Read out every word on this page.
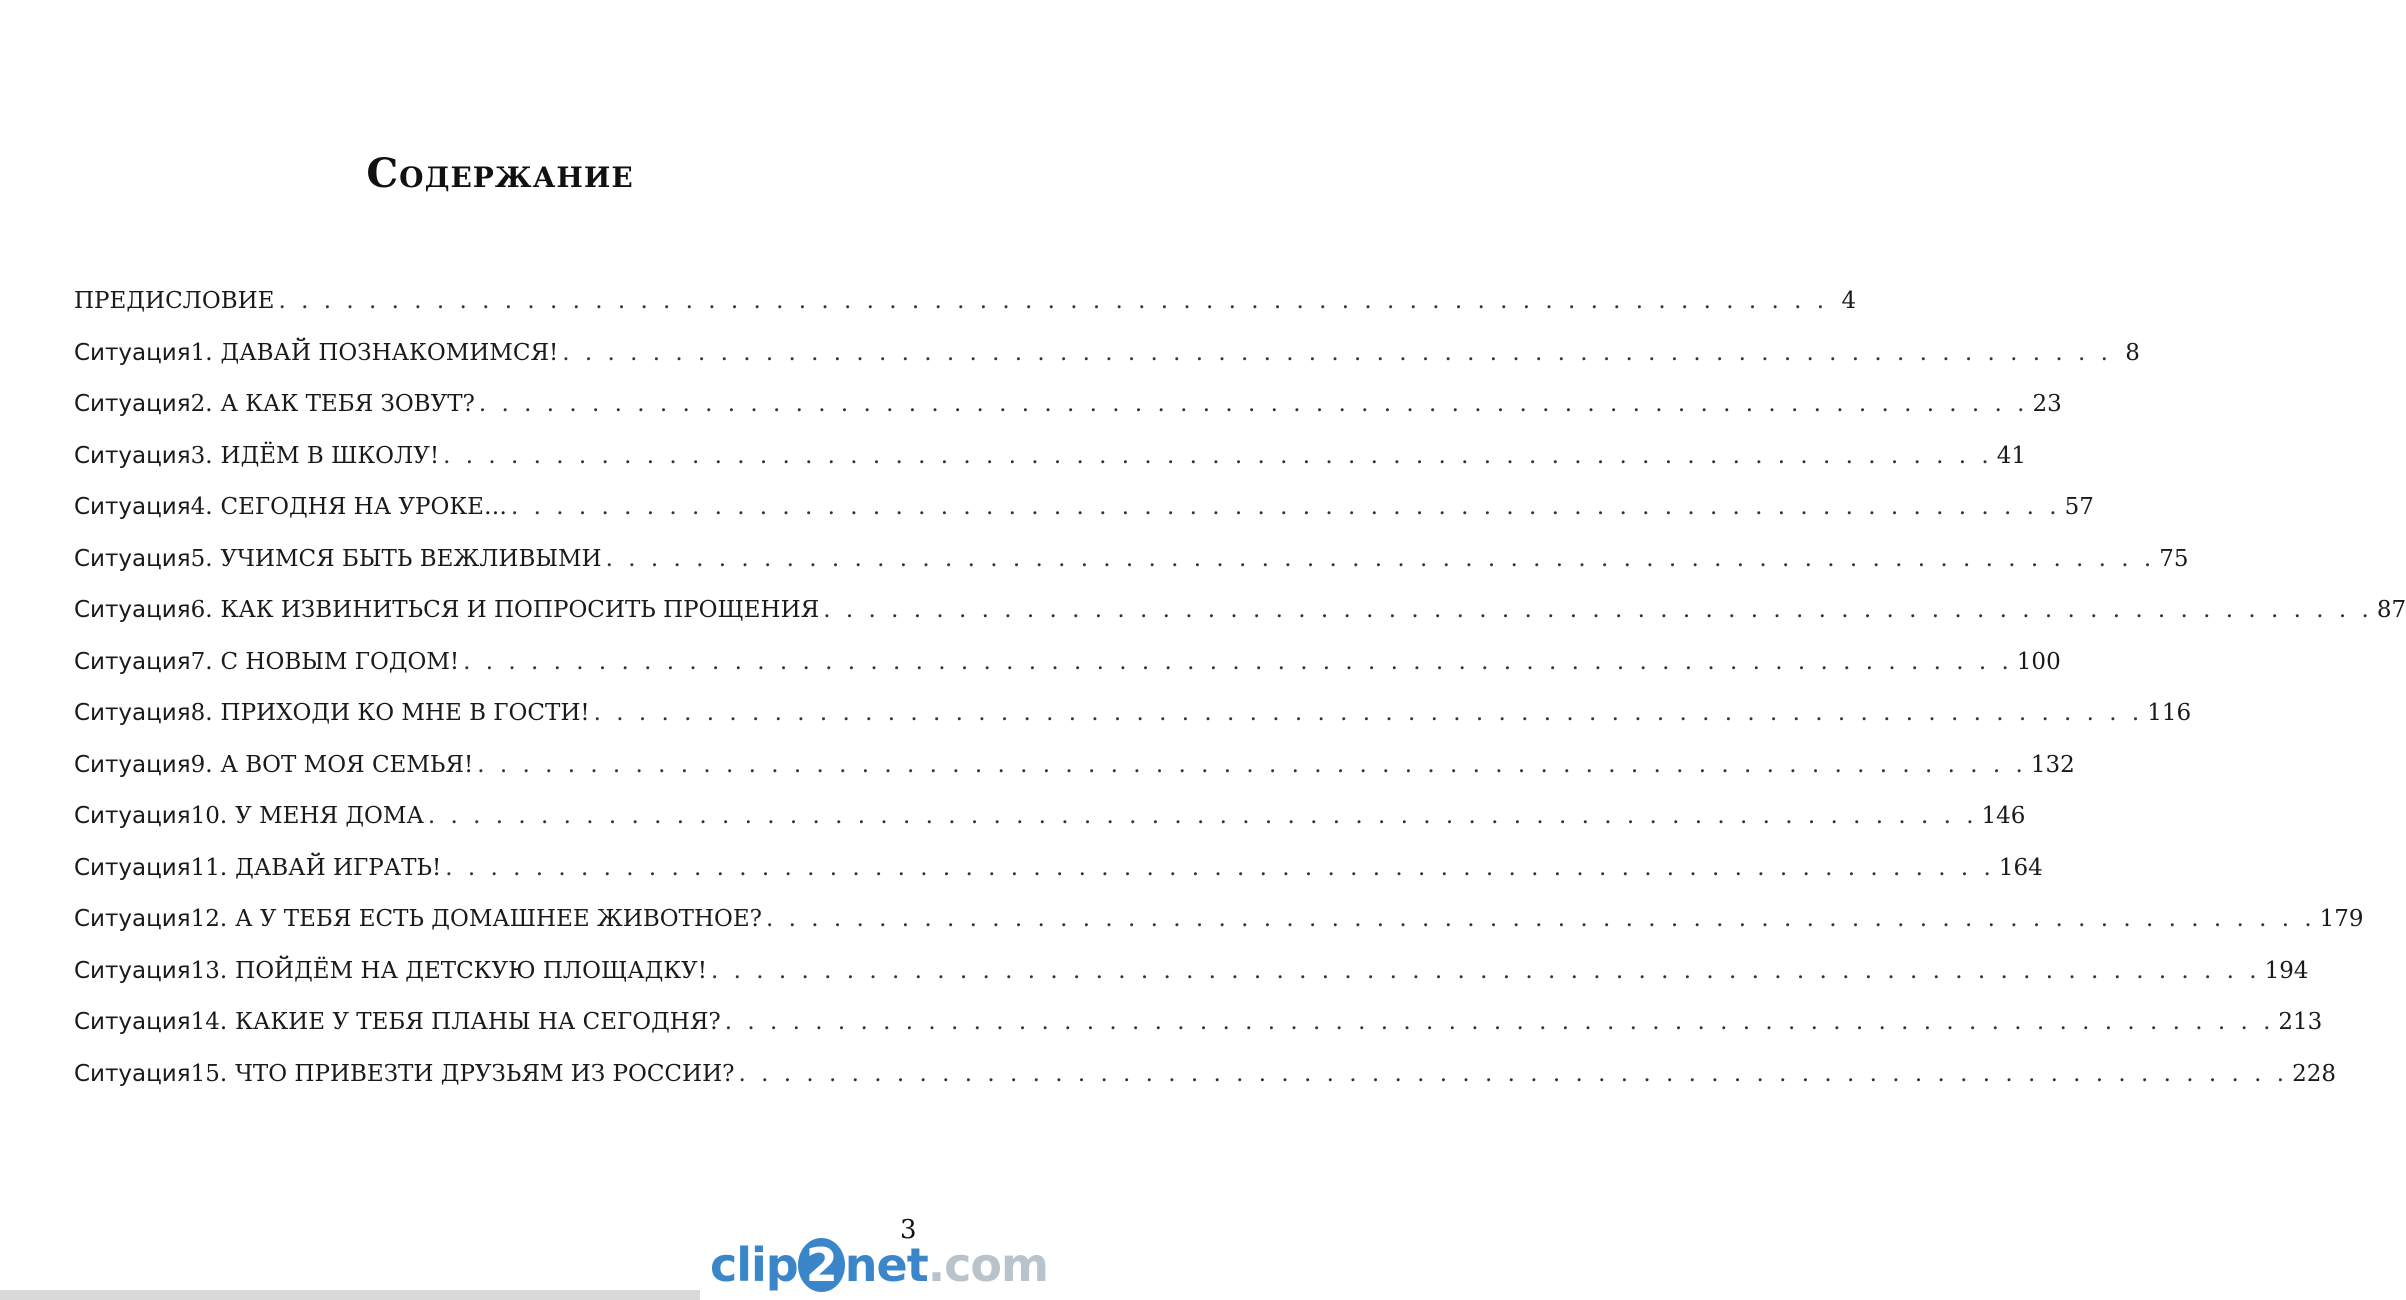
Содержание
ПРЕДИСЛОВИЕ . . .	4
Ситуация 1. ДАВАЙ ПОЗНАКОМИМСЯ! . . .	8
Ситуация 2. А КАК ТЕБЯ ЗОВУТ? . . .	23
Ситуация 3. ИДЁМ В ШКОЛУ! . . .	41
Ситуация 4. СЕГОДНЯ НА УРОКЕ… . . .	57
Ситуация 5. УЧИМСЯ БЫТЬ ВЕЖЛИВЫМИ . . .	75
Ситуация 6. КАК ИЗВИНИТЬСЯ И ПОПРОСИТЬ ПРОЩЕНИЯ . . .	87
Ситуация 7. С НОВЫМ ГОДОМ! . . .	100
Ситуация 8. ПРИХОДИ КО МНЕ В ГОСТИ! . . .	116
Ситуация 9. А ВОТ МОЯ СЕМЬЯ! . . .	132
Ситуация 10. У МЕНЯ ДОМА . . .	146
Ситуация 11. ДАВАЙ ИГРАТЬ! . . .	164
Ситуация 12. А У ТЕБЯ ЕСТЬ ДОМАШНЕЕ ЖИВОТНОЕ? . . .	179
Ситуация 13. ПОЙДЁМ НА ДЕТСКУЮ ПЛОЩАДКУ! . . .	194
Ситуация 14. КАКИЕ У ТЕБЯ ПЛАНЫ НА СЕГОДНЯ? . . .	213
Ситуация 15. ЧТО ПРИВЕЗТИ ДРУЗЬЯМ ИЗ РОССИИ? . . .	228
3
clip 2 net.com
